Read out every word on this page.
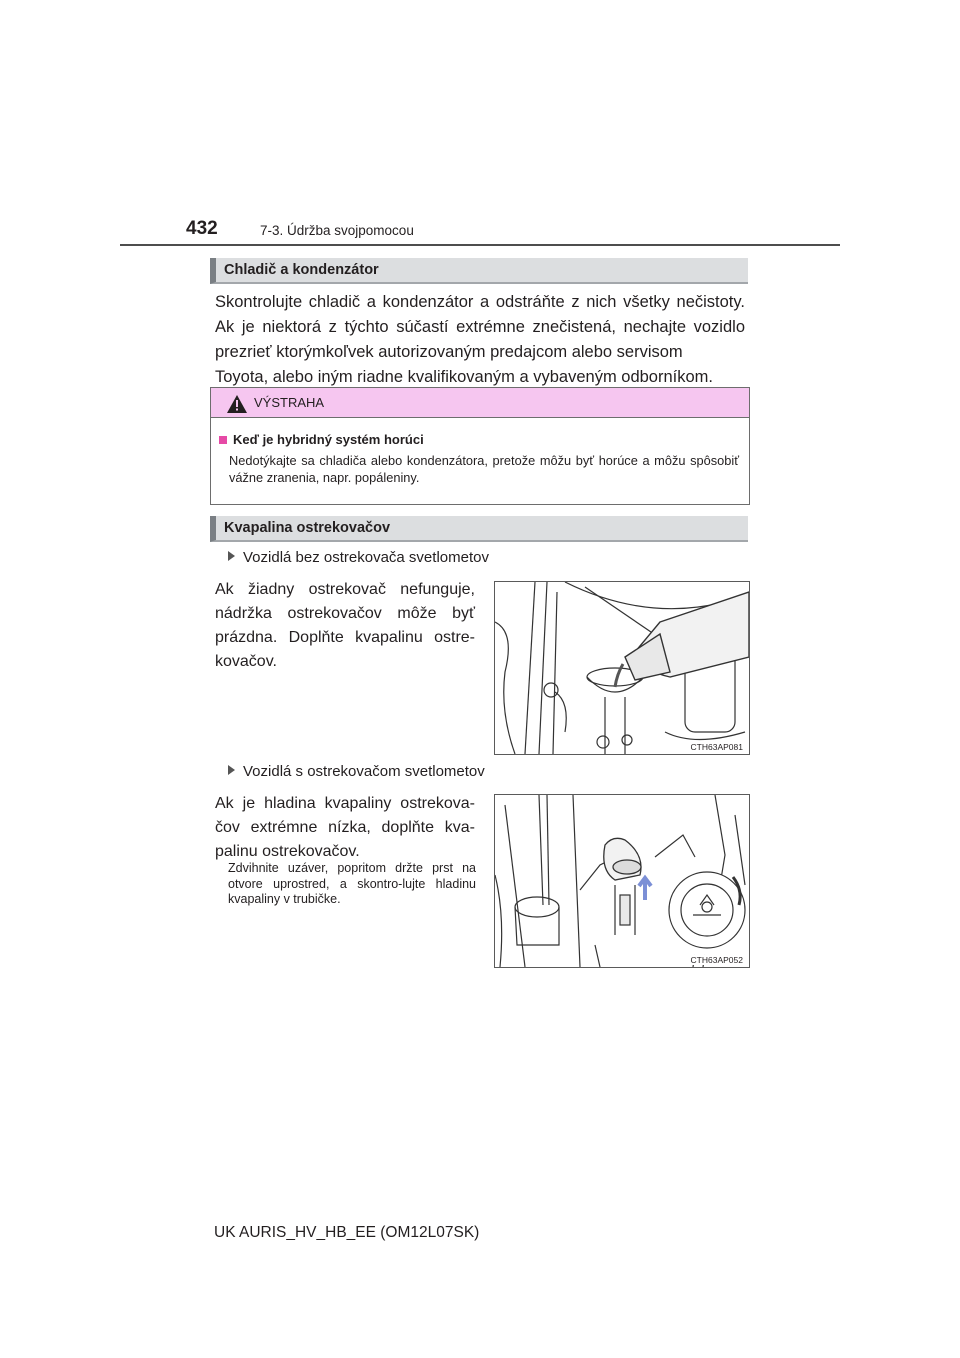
432	7-3. Údržba svojpomocou
Chladič a kondenzátor
Skontrolujte chladič a kondenzátor a odstráňte z nich všetky nečistoty. Ak je niektorá z týchto súčastí extrémne znečistená, nechajte vozidlo prezrieť ktorýmkoľvek autorizovaným predajcom alebo servisom
Toyota, alebo iným riadne kvalifikovaným a vybaveným odborníkom.
VÝSTRAHA
Keď je hybridný systém horúci
Nedotýkajte sa chladiča alebo kondenzátora, pretože môžu byť horúce a môžu spôsobiť vážne zranenia, napr. popáleniny.
Kvapalina ostrekovačov
Vozidlá bez ostrekovača svetlometov
Ak žiadny ostrekovač nefunguje, nádržka ostrekovačov môže byť prázdna. Doplňte kvapalinu ostre-kovačov.
CTH63AP081
Vozidlá s ostrekovačom svetlometov
Ak je hladina kvapaliny ostrekova-čov extrémne nízka, doplňte kva-palinu ostrekovačov.
Zdvihnite uzáver, popritom držte prst na otvore uprostred, a skontro-lujte hladinu kvapaliny v trubičke.
CTH63AP052
UK AURIS_HV_HB_EE (OM12L07SK)
